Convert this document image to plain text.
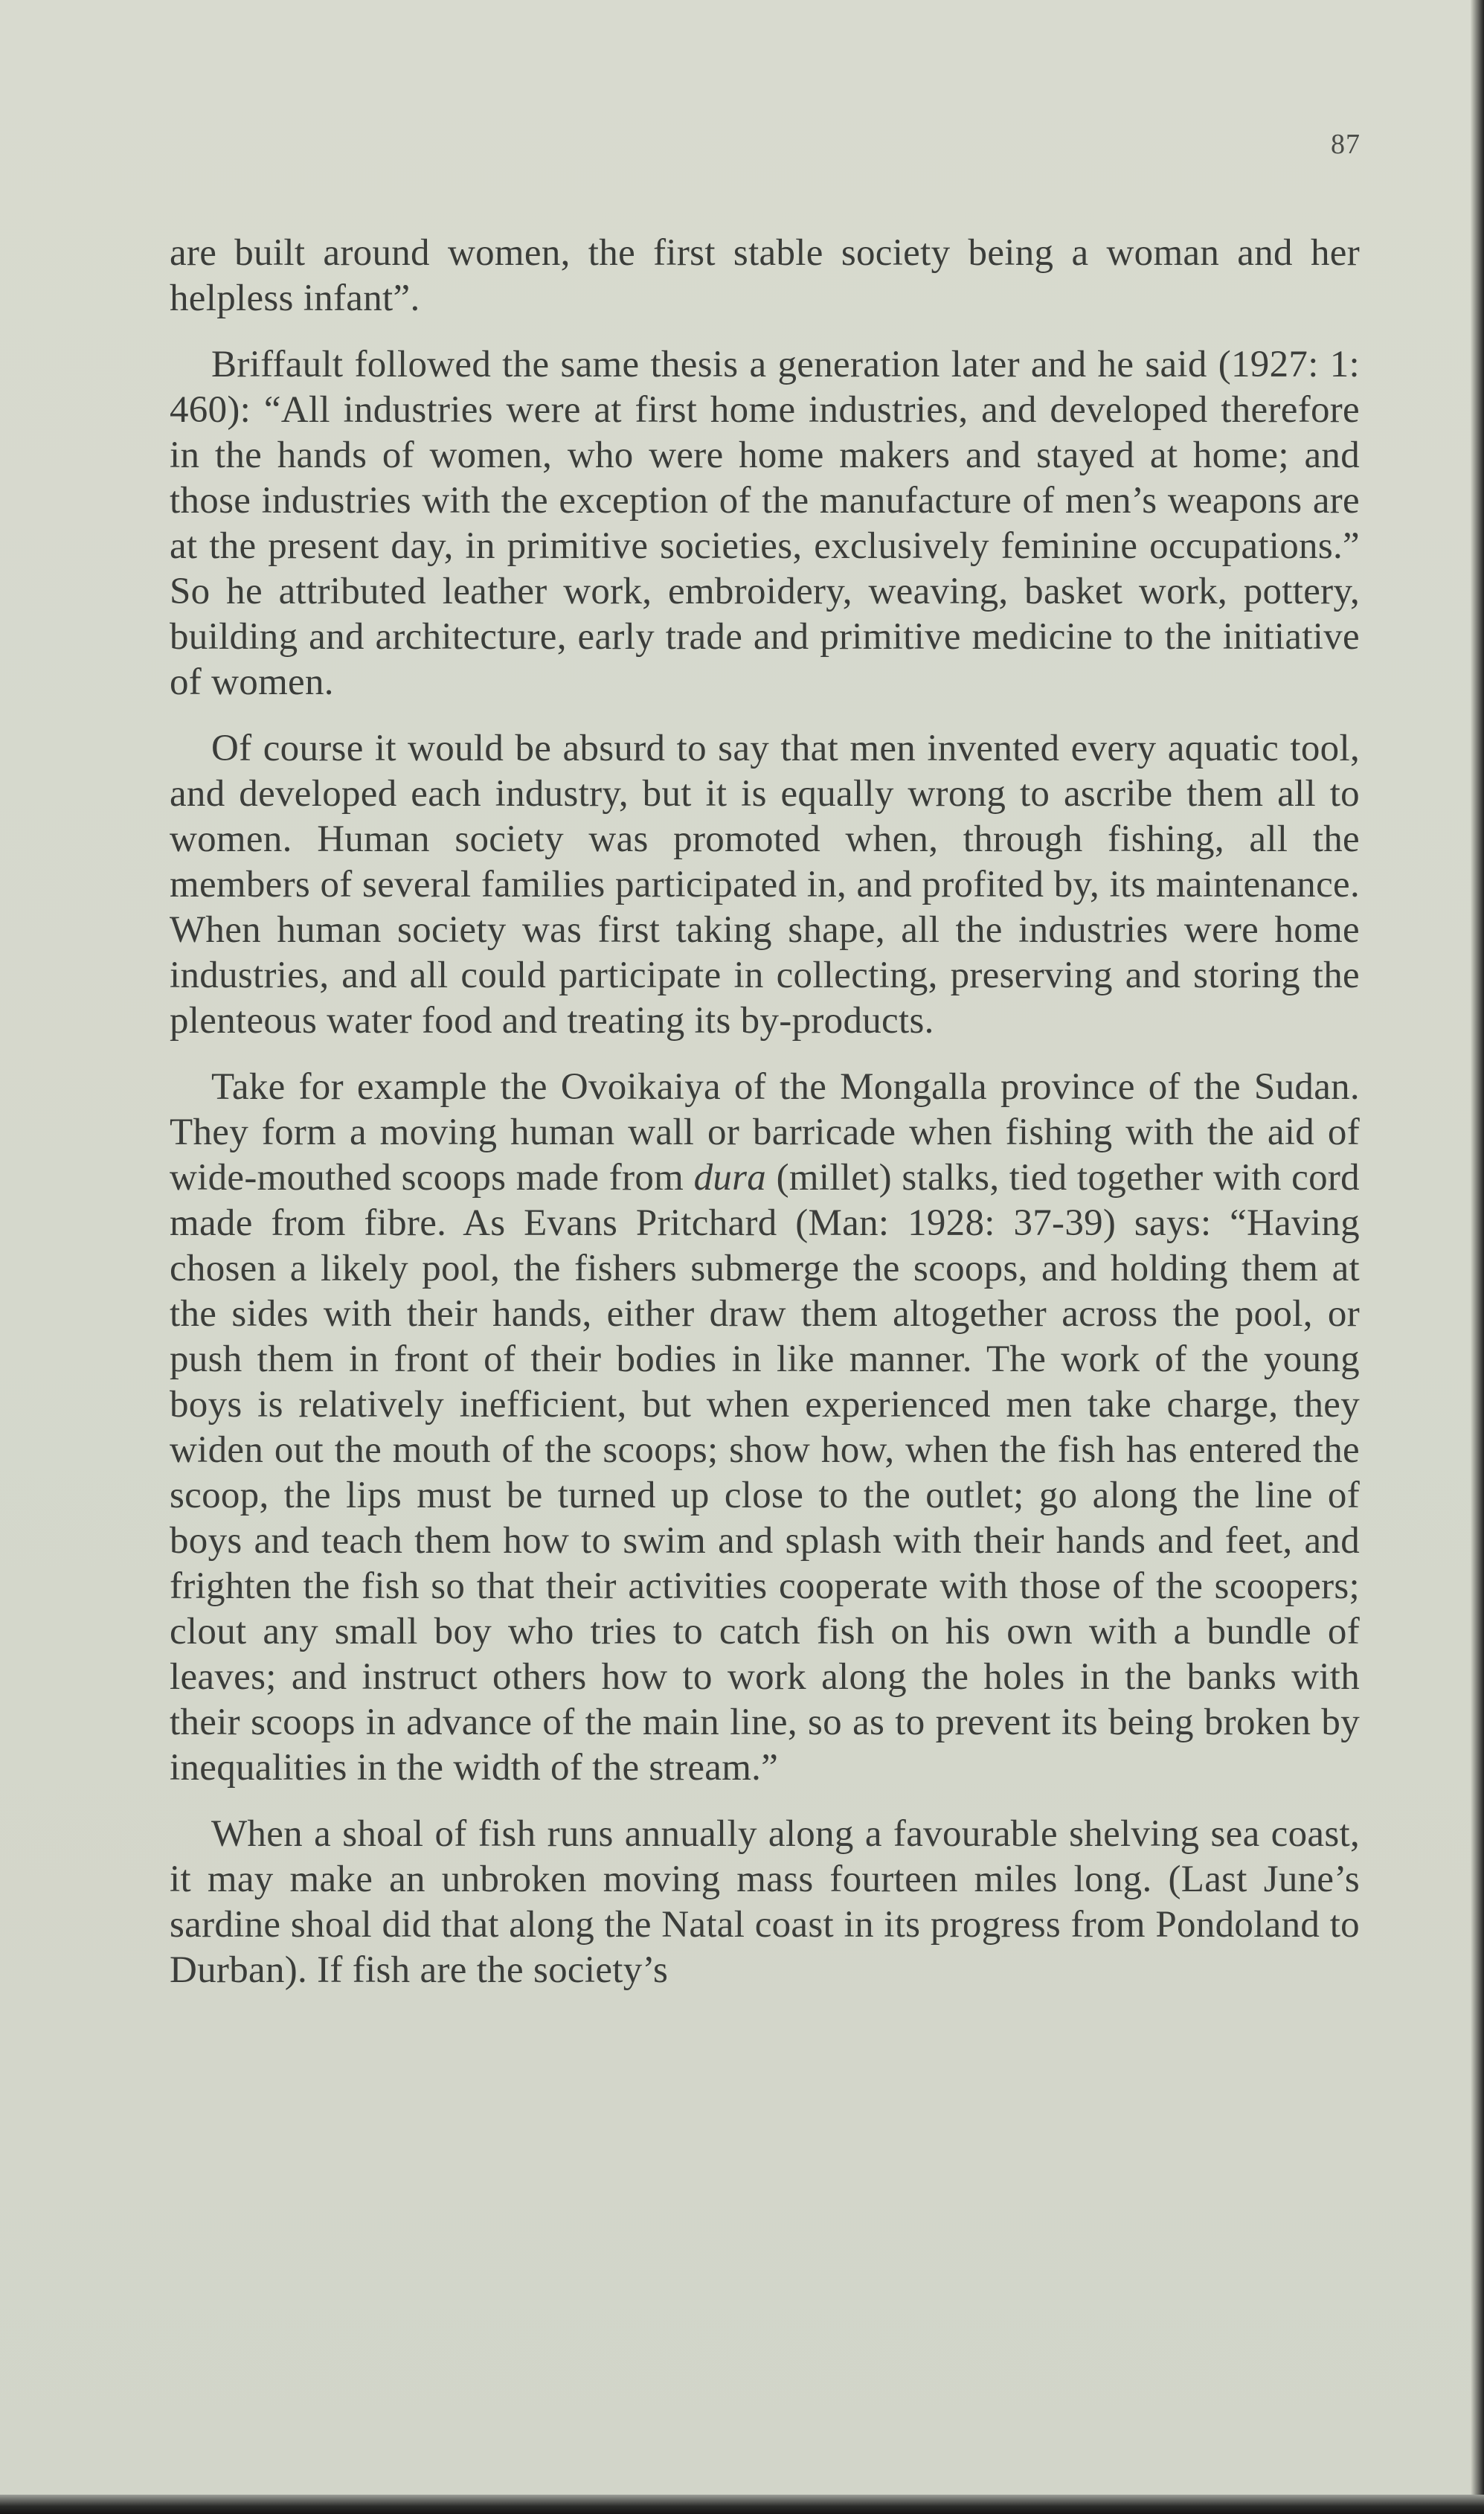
87

are built around women, the first stable society being a woman and her helpless infant”.

Briffault followed the same thesis a generation later and he said (1927: 1: 460): “All industries were at first home industries, and developed therefore in the hands of women, who were home makers and stayed at home; and those industries with the exception of the manufacture of men’s weapons are at the present day, in primitive societies, exclusively feminine occupations.” So he attributed leather work, embroidery, weaving, basket work, pottery, building and architecture, early trade and primitive medicine to the initiative of women.

Of course it would be absurd to say that men invented every aquatic tool, and developed each industry, but it is equally wrong to ascribe them all to women. Human society was promoted when, through fishing, all the members of several families participated in, and profited by, its maintenance. When human society was first taking shape, all the industries were home industries, and all could participate in collecting, preserving and storing the plenteous water food and treating its by-products.

Take for example the Ovoikaiya of the Mongalla province of the Sudan. They form a moving human wall or barricade when fishing with the aid of wide-mouthed scoops made from dura (millet) stalks, tied together with cord made from fibre. As Evans Pritchard (Man: 1928: 37-39) says: “Having chosen a likely pool, the fishers submerge the scoops, and holding them at the sides with their hands, either draw them altogether across the pool, or push them in front of their bodies in like manner. The work of the young boys is relatively inefficient, but when experienced men take charge, they widen out the mouth of the scoops; show how, when the fish has entered the scoop, the lips must be turned up close to the outlet; go along the line of boys and teach them how to swim and splash with their hands and feet, and frighten the fish so that their activities cooperate with those of the scoopers; clout any small boy who tries to catch fish on his own with a bundle of leaves; and instruct others how to work along the holes in the banks with their scoops in advance of the main line, so as to prevent its being broken by inequalities in the width of the stream.”

When a shoal of fish runs annually along a favourable shelving sea coast, it may make an unbroken moving mass fourteen miles long. (Last June’s sardine shoal did that along the Natal coast in its progress from Pondoland to Durban). If fish are the society’s
